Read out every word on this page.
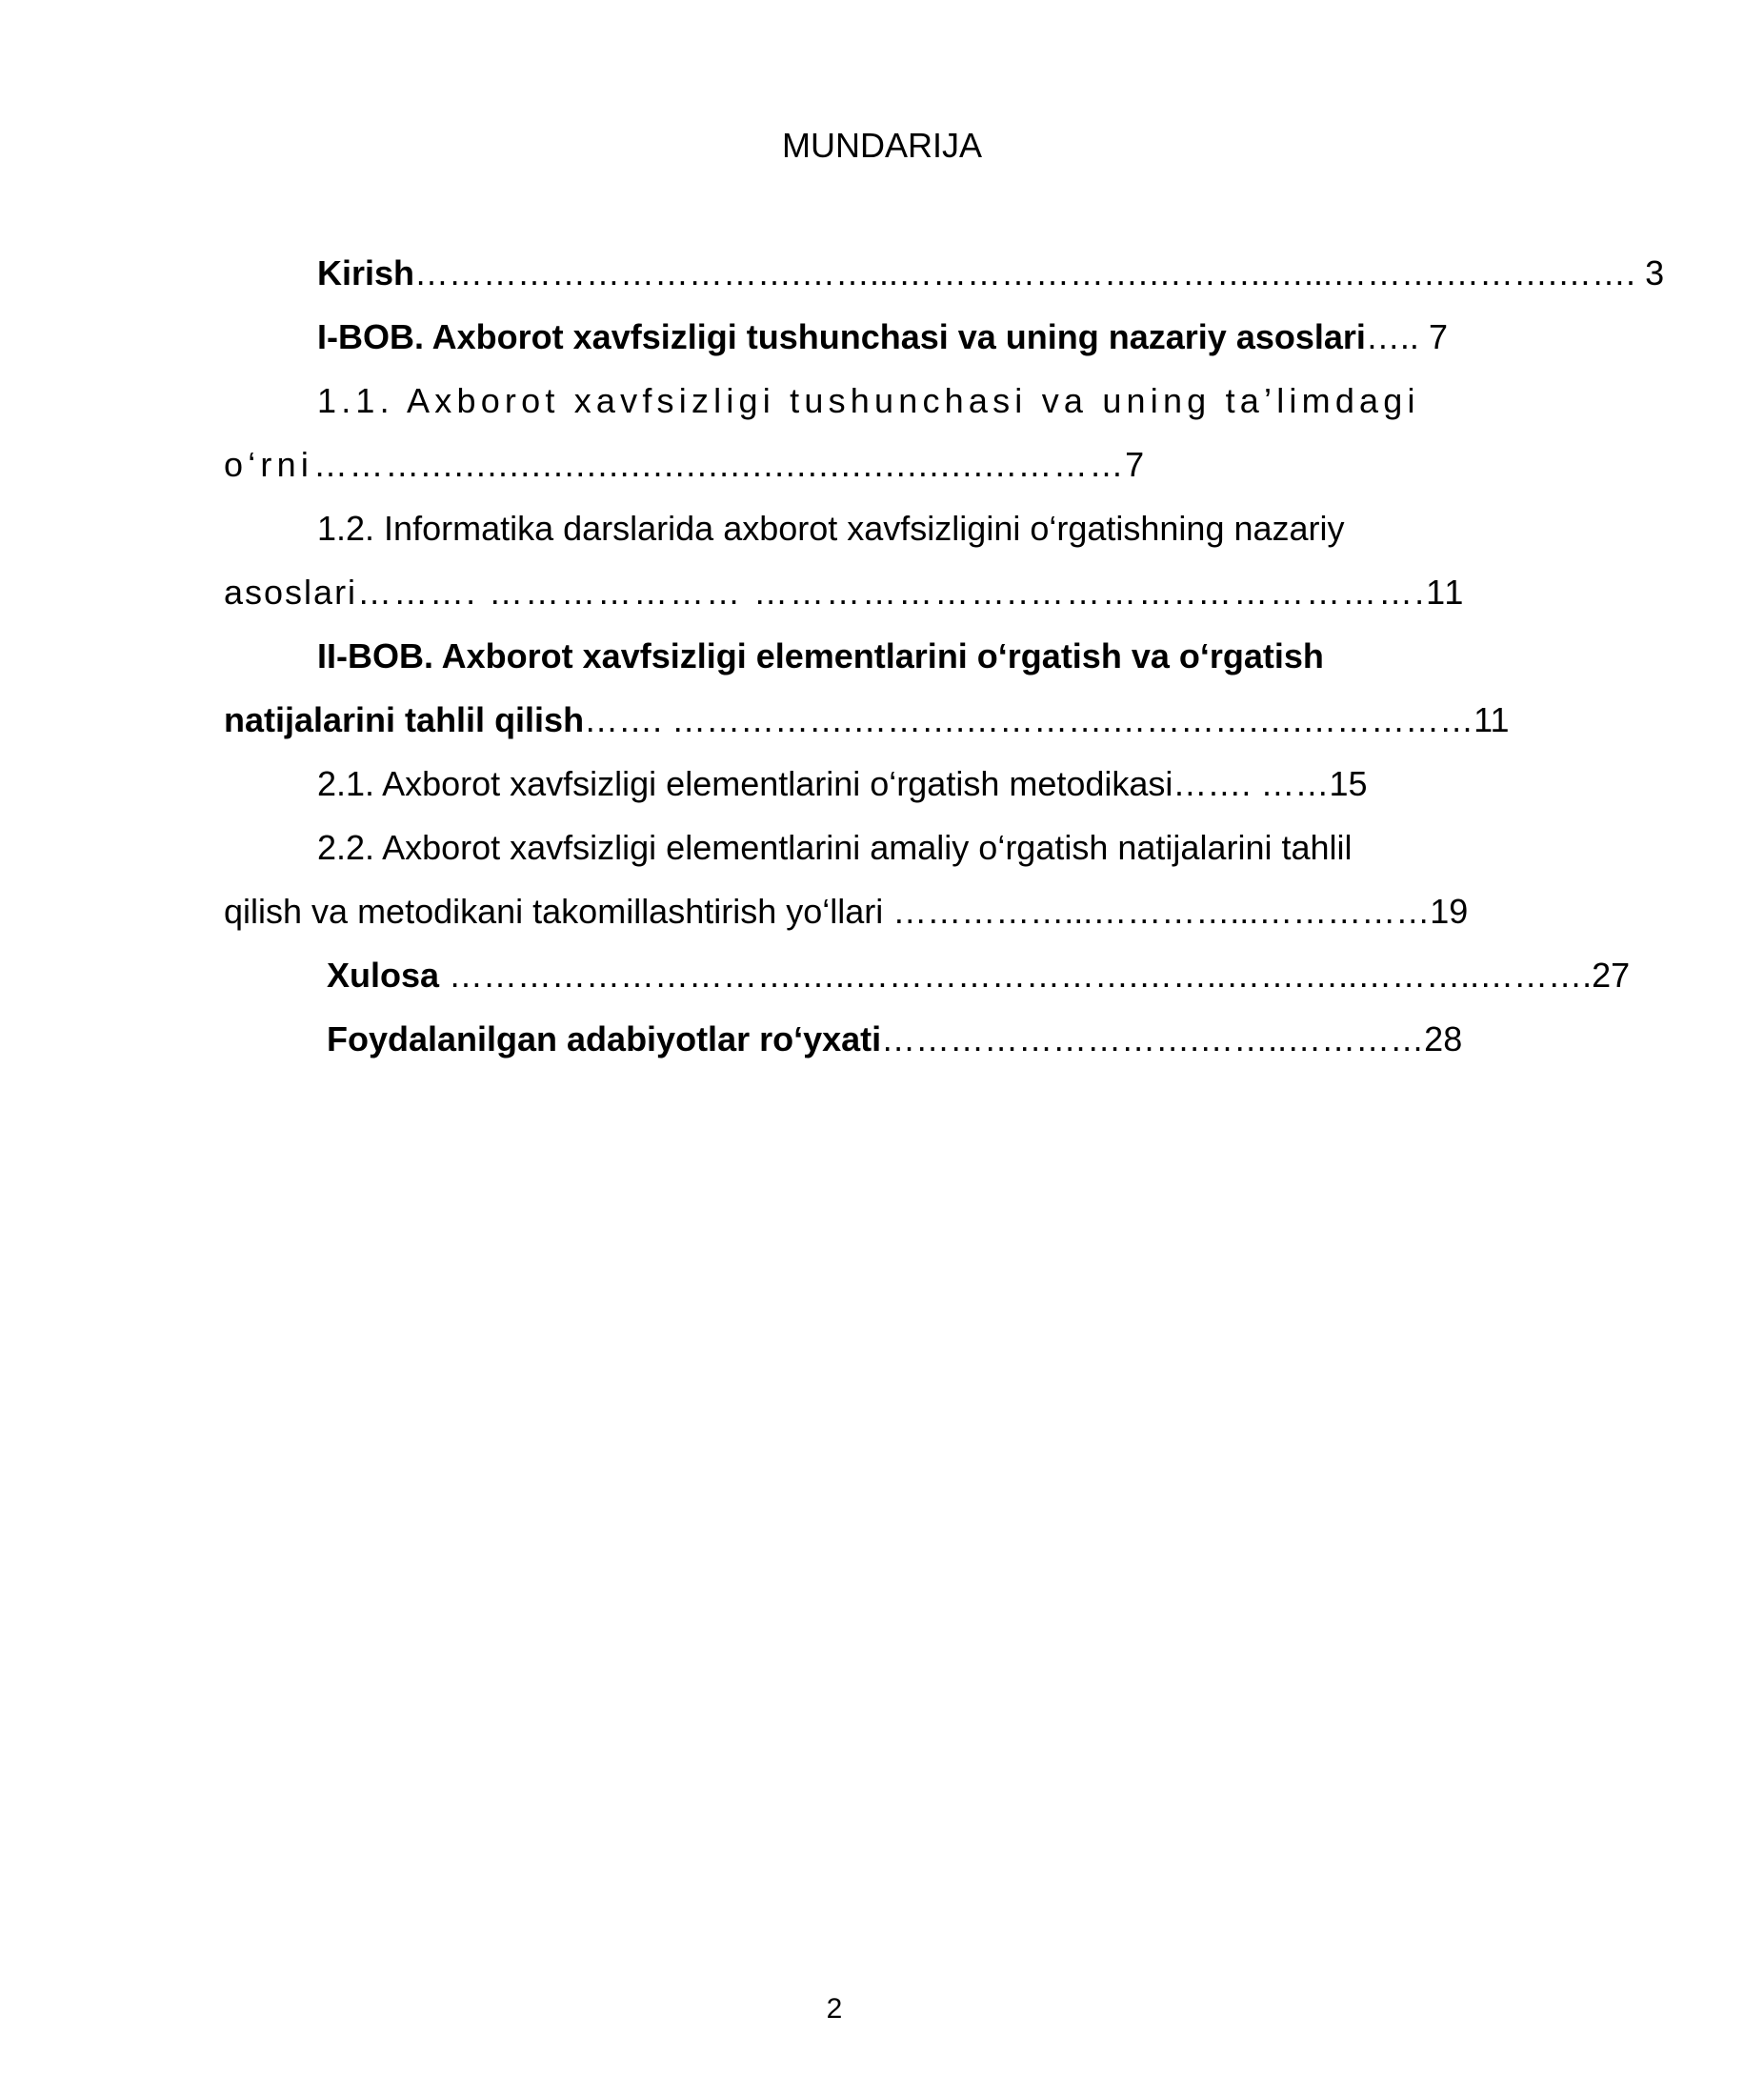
MUNDARIJA
Kirish…………………………….……...………………….………..…...……….……….……. 3
I-BOB. Axborot xavfsizligi tushunchasi va uning nazariy asoslari….. 7
1.1. Axborot xavfsizligi tushunchasi va uning ta’limdagi
o‘rni………......................................................………7
1.2. Informatika darslarida axborot xavfsizligini o‘rgatishning nazariy
asoslari………. ………………… …………………..…………..……………….11
II-BOB. Axborot xavfsizligi elementlarini o‘rgatish va o‘rgatish
natijalarini tahlil qilish……. …………….……….………….………….….……………11
2.1. Axborot xavfsizligi elementlarini o‘rgatish metodikasi……. ……15
2.2. Axborot xavfsizligi elementlarini amaliy o‘rgatish natijalarini tahlil
qilish va metodikani takomillashtirish yo‘llari ……………...…………...……………19
Xulosa ………………………….…..…………………….……..…….…..………..……….27
Foydalanilgan adabiyotlar ro‘yxati……………………….……..…………28
2
